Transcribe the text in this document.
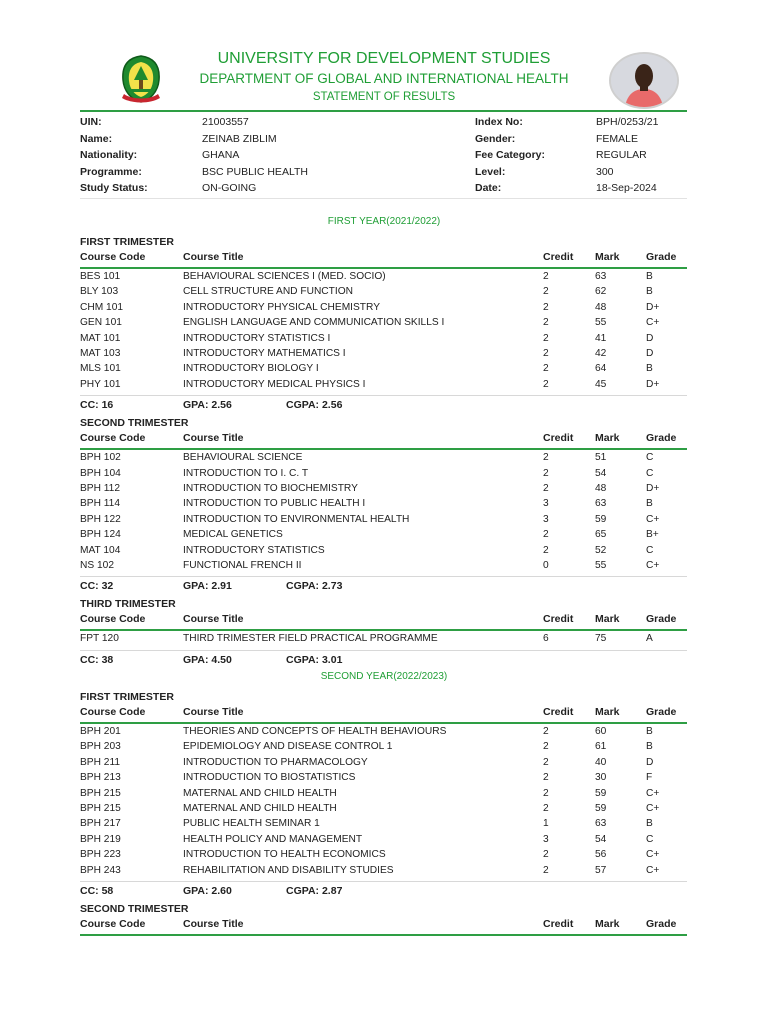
UNIVERSITY FOR DEVELOPMENT STUDIES
DEPARTMENT OF GLOBAL AND INTERNATIONAL HEALTH
STATEMENT OF RESULTS
UIN:	21003557	Index No:	BPH/0253/21
Name:	ZEINAB ZIBLIM	Gender:	FEMALE
Nationality:	GHANA	Fee Category:	REGULAR
Programme:	BSC PUBLIC HEALTH	Level:	300
Study Status:	ON-GOING	Date:	18-Sep-2024
FIRST YEAR(2021/2022)
FIRST TRIMESTER
Course Code	Course Title	Credit Mark	Grade
BES 101	BEHAVIOURAL SCIENCES I (MED. SOCIO)	2	63	B
BLY 103	CELL STRUCTURE AND FUNCTION	2	62	B
CHM 101	INTRODUCTORY PHYSICAL CHEMISTRY	2	48	D+
GEN 101	ENGLISH LANGUAGE AND COMMUNICATION SKILLS I	2	55	C+
MAT 101	INTRODUCTORY STATISTICS I	2	41	D
MAT 103	INTRODUCTORY MATHEMATICS I	2	42	D
MLS 101	INTRODUCTORY BIOLOGY I	2	64	B
PHY 101	INTRODUCTORY MEDICAL PHYSICS I	2	45	D+
CC: 16	GPA: 2.56	CGPA: 2.56
SECOND TRIMESTER
Course Code	Course Title	Credit Mark	Grade
BPH 102	BEHAVIOURAL SCIENCE	2	51	C
BPH 104	INTRODUCTION TO I. C. T	2	54	C
BPH 112	INTRODUCTION TO BIOCHEMISTRY	2	48	D+
BPH 114	INTRODUCTION TO PUBLIC HEALTH I	3	63	B
BPH 122	INTRODUCTION TO ENVIRONMENTAL HEALTH	3	59	C+
BPH 124	MEDICAL GENETICS	2	65	B+
MAT 104	INTRODUCTORY STATISTICS	2	52	C
NS 102	FUNCTIONAL FRENCH II	0	55	C+
CC: 32	GPA: 2.91	CGPA: 2.73
THIRD TRIMESTER
Course Code	Course Title	Credit Mark	Grade
FPT 120	THIRD TRIMESTER FIELD PRACTICAL PROGRAMME	6	75	A
CC: 38	GPA: 4.50	CGPA: 3.01
SECOND YEAR(2022/2023)
FIRST TRIMESTER
Course Code	Course Title	Credit Mark	Grade
BPH 201	THEORIES AND CONCEPTS OF HEALTH BEHAVIOURS	2	60	B
BPH 203	EPIDEMIOLOGY AND DISEASE CONTROL 1	2	61	B
BPH 211	INTRODUCTION TO PHARMACOLOGY	2	40	D
BPH 213	INTRODUCTION TO BIOSTATISTICS	2	30	F
BPH 215	MATERNAL AND CHILD HEALTH	2	59	C+
BPH 215	MATERNAL AND CHILD HEALTH	2	59	C+
BPH 217	PUBLIC HEALTH SEMINAR 1	1	63	B
BPH 219	HEALTH POLICY AND MANAGEMENT	3	54	C
BPH 223	INTRODUCTION TO HEALTH ECONOMICS	2	56	C+
BPH 243	REHABILITATION AND DISABILITY STUDIES	2	57	C+
CC: 58	GPA: 2.60	CGPA: 2.87
SECOND TRIMESTER
Course Code	Course Title	Credit Mark	Grade
